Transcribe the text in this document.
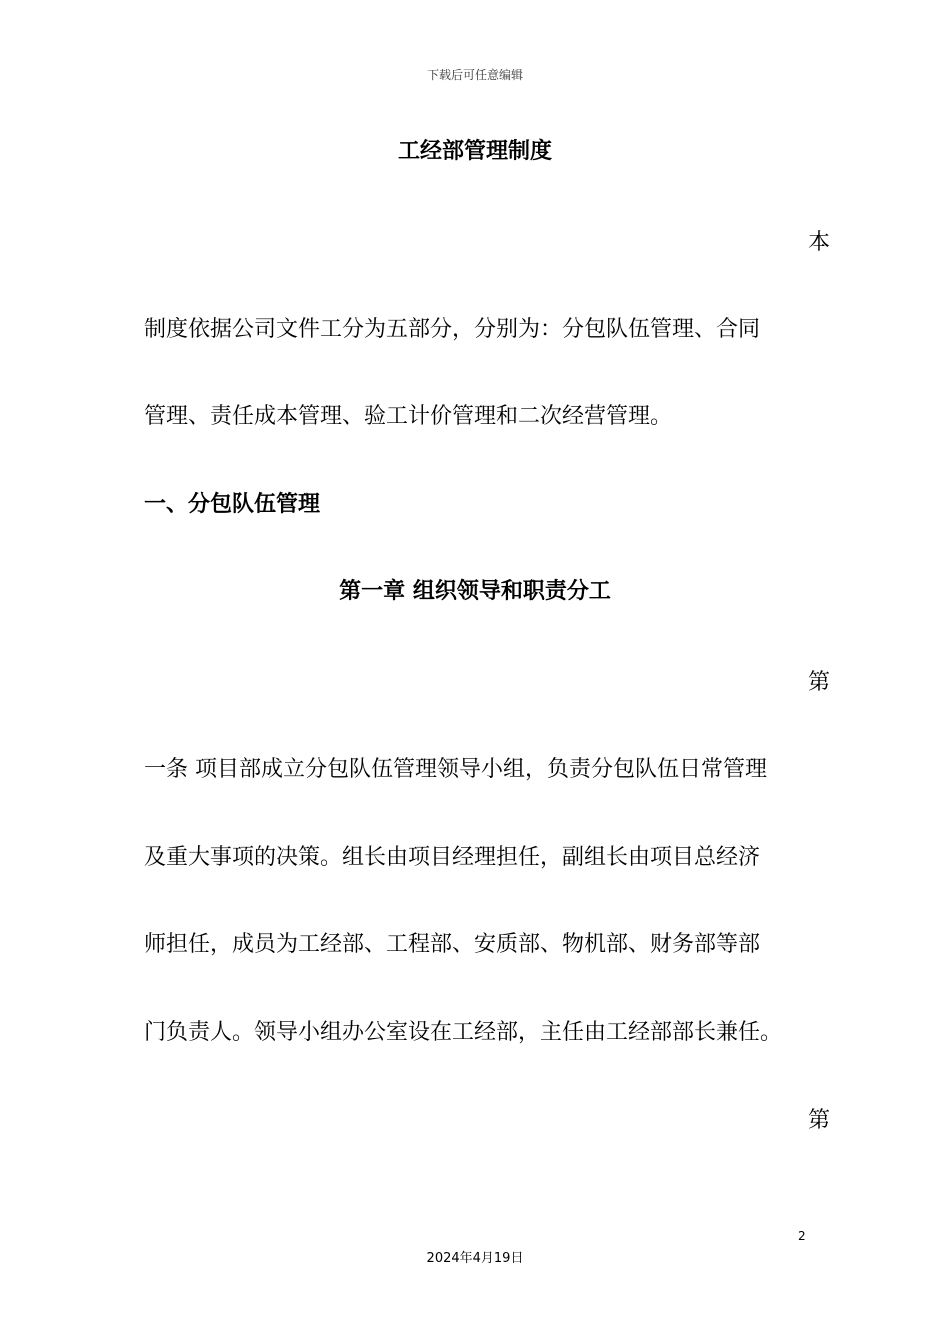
下载后可任意编辑
工经部管理制度
本
制度依据公司文件工分为五部分，分别为：分包队伍管理、合同
管理、责任成本管理、验工计价管理和二次经营管理。
一、分包队伍管理
第一章 组织领导和职责分工
第
一条 项目部成立分包队伍管理领导小组，负责分包队伍日常管理
及重大事项的决策。组长由项目经理担任，副组长由项目总经济
师担任，成员为工经部、工程部、安质部、物机部、财务部等部
门负责人。领导小组办公室设在工经部，主任由工经部部长兼任。
第
2
2024年4月19日
